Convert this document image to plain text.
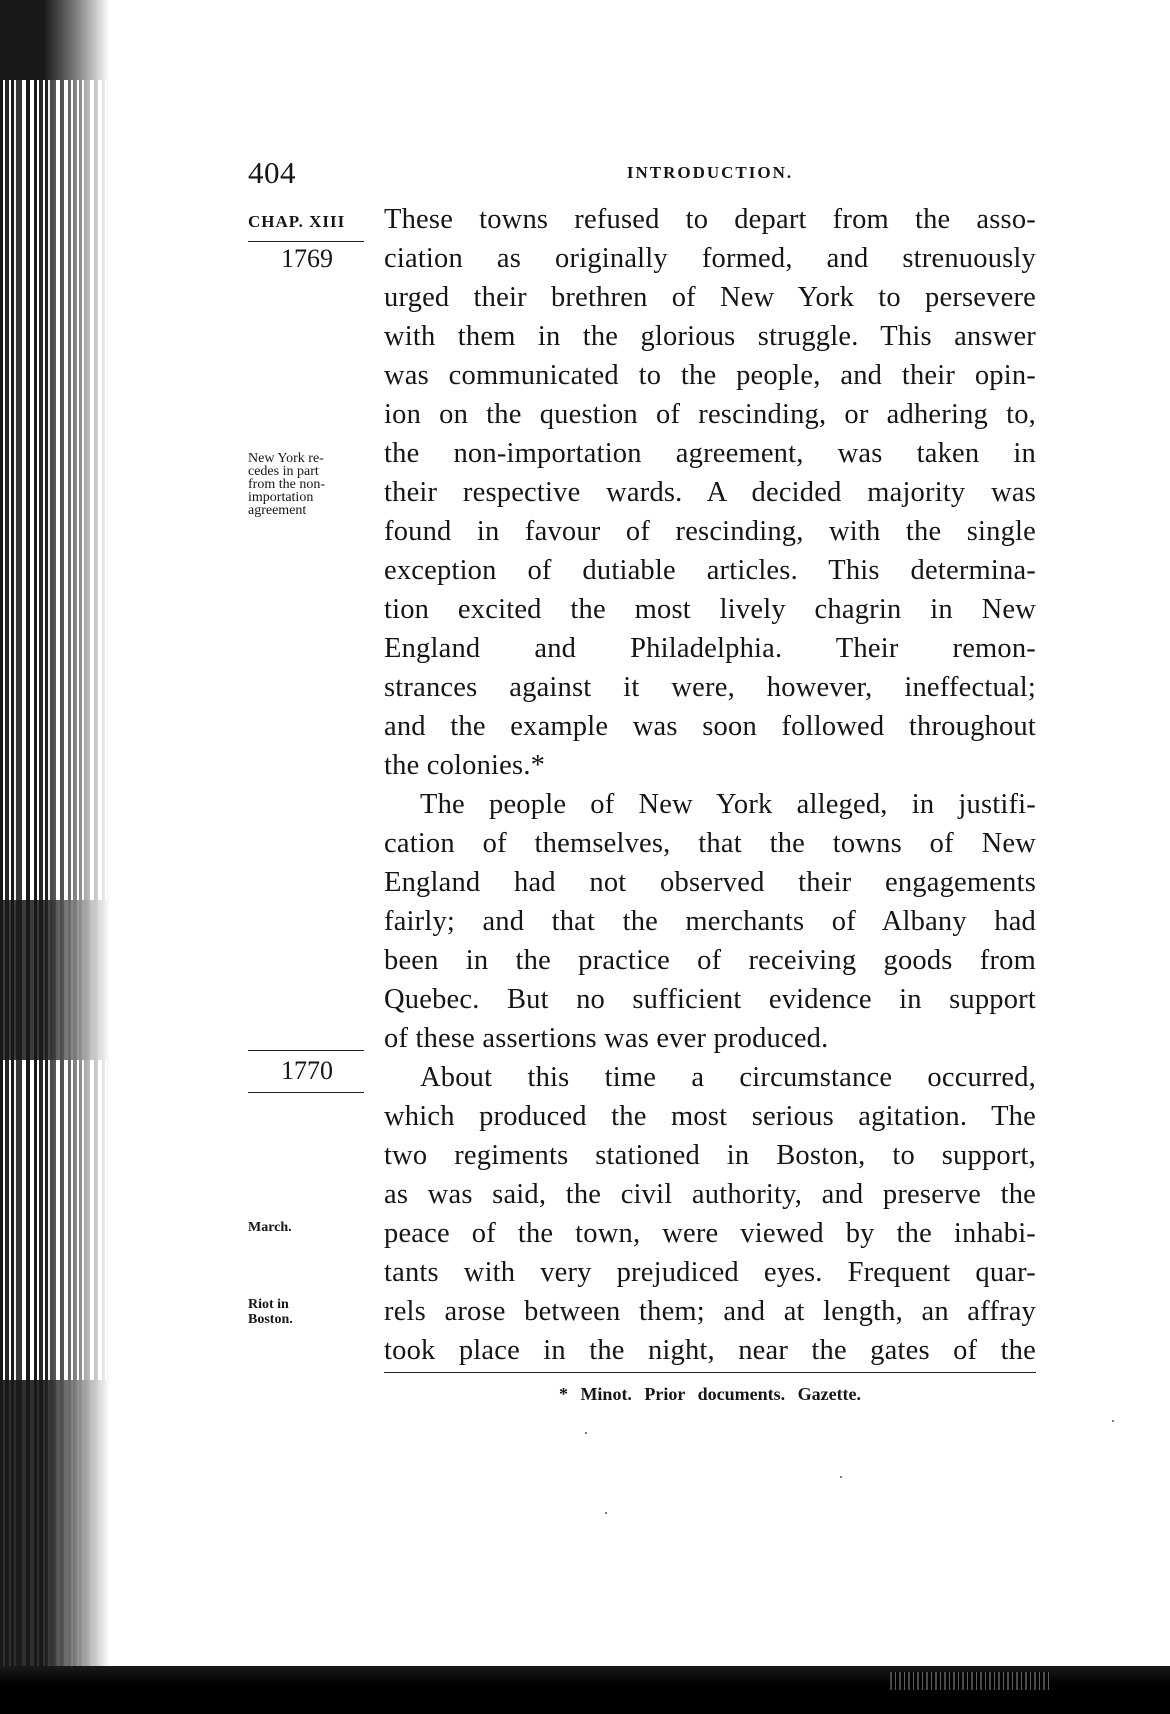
404	INTRODUCTION.
CHAP. XIII
1769
New York re-
cedes in part
from the non-
importation
agreement
1770
March.
Riot in
Boston.

These towns refused to depart from the asso-
ciation as originally formed, and strenuously
urged their brethren of New York to persevere
with them in the glorious struggle. This answer
was communicated to the people, and their opin-
ion on the question of rescinding, or adhering to,
the non-importation agreement, was taken in
their respective wards. A decided majority was
found in favour of rescinding, with the single
exception of dutiable articles. This determina-
tion excited the most lively chagrin in New
England and Philadelphia. Their remon-
strances against it were, however, ineffectual;
and the example was soon followed throughout
the colonies.*

The people of New York alleged, in justifi-
cation of themselves, that the towns of New
England had not observed their engagements
fairly; and that the merchants of Albany had
been in the practice of receiving goods from
Quebec. But no sufficient evidence in support
of these assertions was ever produced.

About this time a circumstance occurred,
which produced the most serious agitation. The
two regiments stationed in Boston, to support,
as was said, the civil authority, and preserve the
peace of the town, were viewed by the inhabi-
tants with very prejudiced eyes. Frequent quar-
rels arose between them; and at length, an affray
took place in the night, near the gates of the

* Minot. Prior documents. Gazette.
